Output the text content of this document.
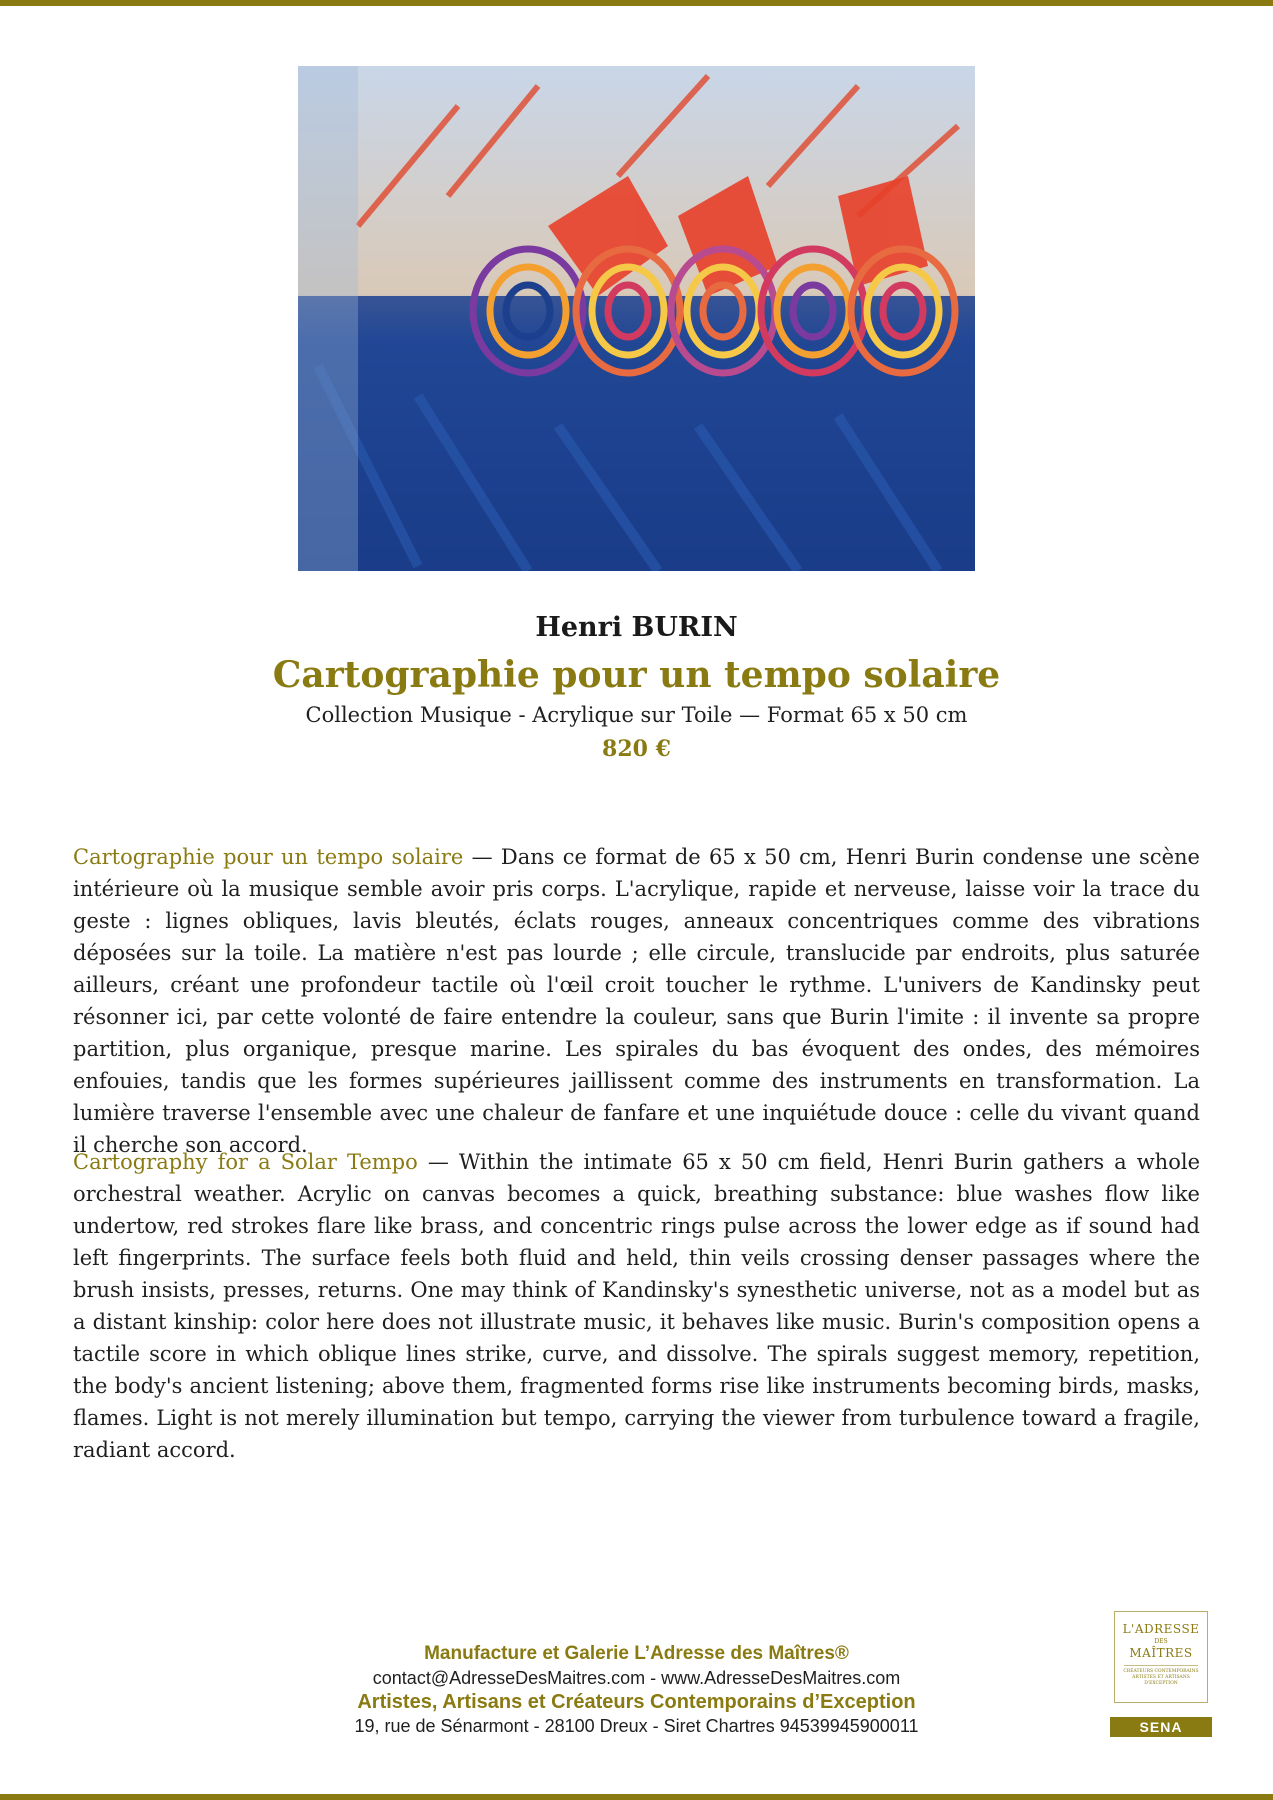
Henri BURIN
Cartographie pour un tempo solaire
Collection Musique - Acrylique sur Toile — Format 65 x 50 cm
820 €

Cartographie pour un tempo solaire — Dans ce format de 65 x 50 cm, Henri Burin condense une scène intérieure où la musique semble avoir pris corps. L'acrylique, rapide et nerveuse, laisse voir la trace du geste : lignes obliques, lavis bleutés, éclats rouges, anneaux concentriques comme des vibrations déposées sur la toile. La matière n'est pas lourde ; elle circule, translucide par endroits, plus saturée ailleurs, créant une profondeur tactile où l'œil croit toucher le rythme. L'univers de Kandinsky peut résonner ici, par cette volonté de faire entendre la couleur, sans que Burin l'imite : il invente sa propre partition, plus organique, presque marine. Les spirales du bas évoquent des ondes, des mémoires enfouies, tandis que les formes supérieures jaillissent comme des instruments en transformation. La lumière traverse l'ensemble avec une chaleur de fanfare et une inquiétude douce : celle du vivant quand il cherche son accord.

Cartography for a Solar Tempo — Within the intimate 65 x 50 cm field, Henri Burin gathers a whole orchestral weather. Acrylic on canvas becomes a quick, breathing substance: blue washes flow like undertow, red strokes flare like brass, and concentric rings pulse across the lower edge as if sound had left fingerprints. The surface feels both fluid and held, thin veils crossing denser passages where the brush insists, presses, returns. One may think of Kandinsky's synesthetic universe, not as a model but as a distant kinship: color here does not illustrate music, it behaves like music. Burin's composition opens a tactile score in which oblique lines strike, curve, and dissolve. The spirals suggest memory, repetition, the body's ancient listening; above them, fragmented forms rise like instruments becoming birds, masks, flames. Light is not merely illumination but tempo, carrying the viewer from turbulence toward a fragile, radiant accord.

Manufacture et Galerie L’Adresse des Maîtres®
contact@AdresseDesMaitres.com - www.AdresseDesMaitres.com
Artistes, Artisans et Créateurs Contemporains d’Exception
19, rue de Sénarmont - 28100 Dreux - Siret Chartres 94539945900011
L'ADRESSE
DES
MAÎTRES
CRÉATEURS CONTEMPORAINS ARTISTES ET ARTISANS D'EXCEPTION
SENA
